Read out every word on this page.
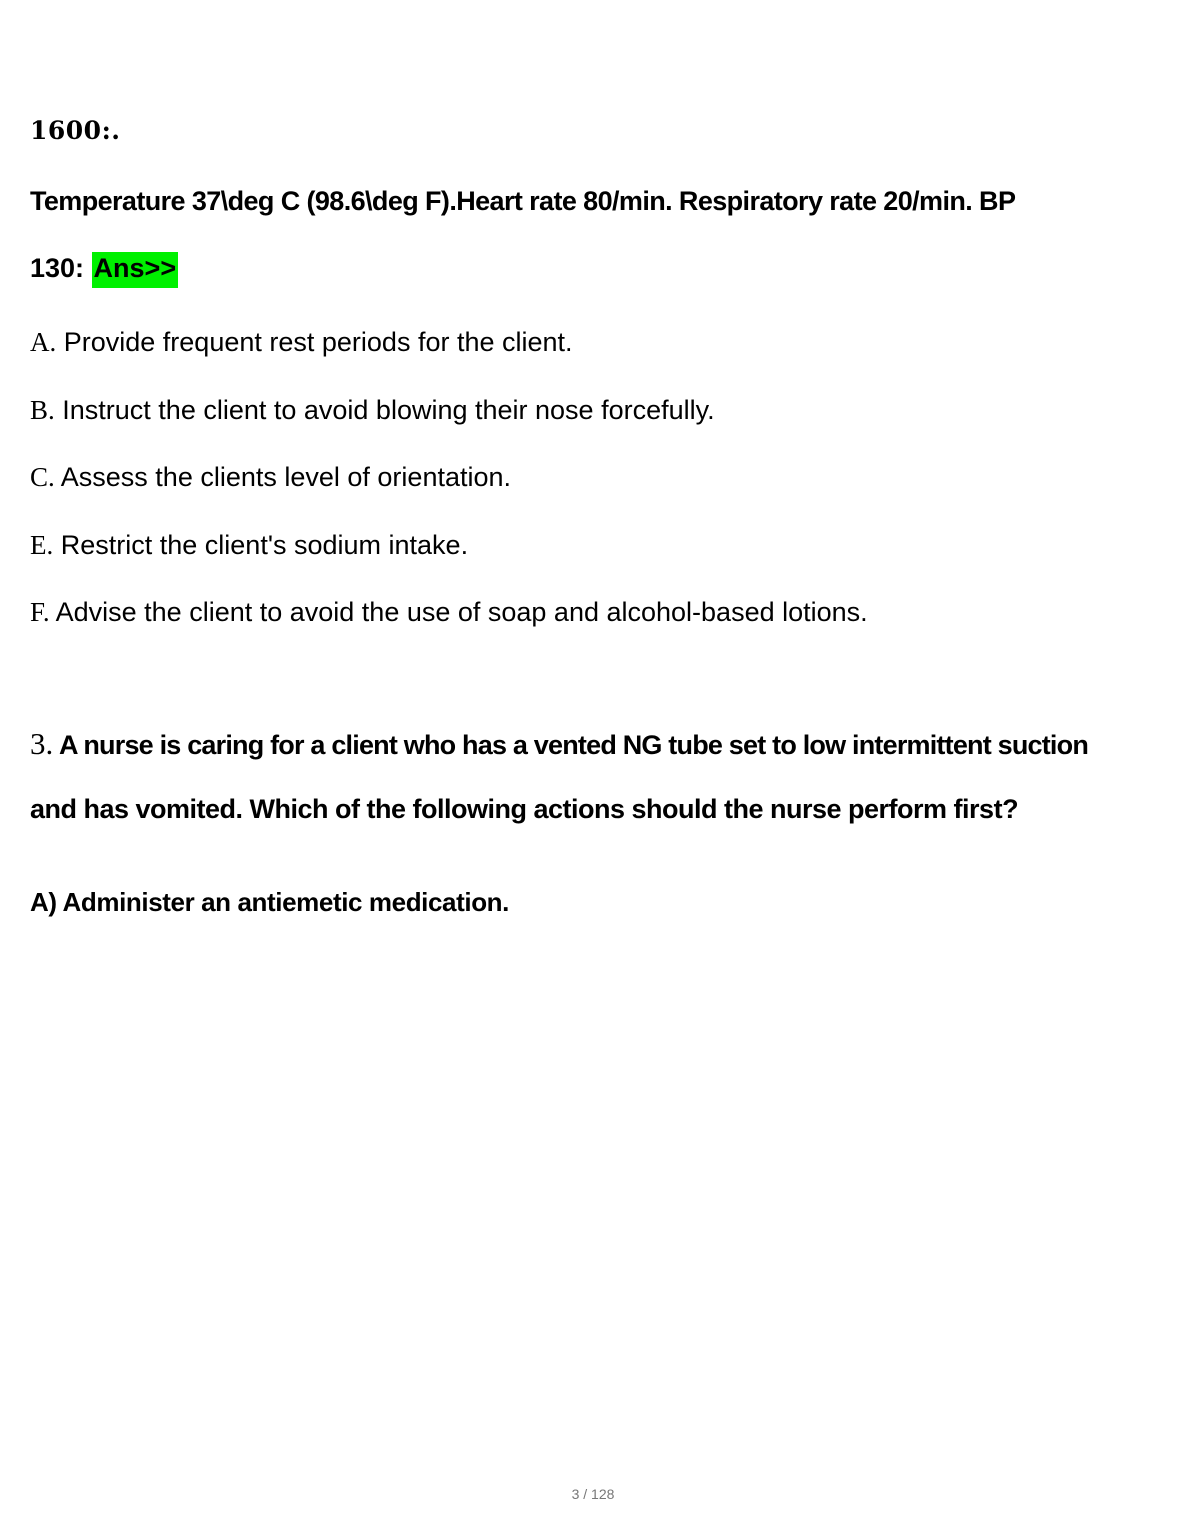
1600:.
Temperature 37\deg C (98.6\deg F).Heart rate 80/min. Respiratory rate 20/min. BP
130: Ans>>
A. Provide frequent rest periods for the client.
B. Instruct the client to avoid blowing their nose forcefully.
C. Assess the clients level of orientation.
E. Restrict the client's sodium intake.
F. Advise the client to avoid the use of soap and alcohol-based lotions.
3. A nurse is caring for a client who has a vented NG tube set to low intermittent suction
and has vomited. Which of the following actions should the nurse perform first?
A) Administer an antiemetic medication.
3 / 128
